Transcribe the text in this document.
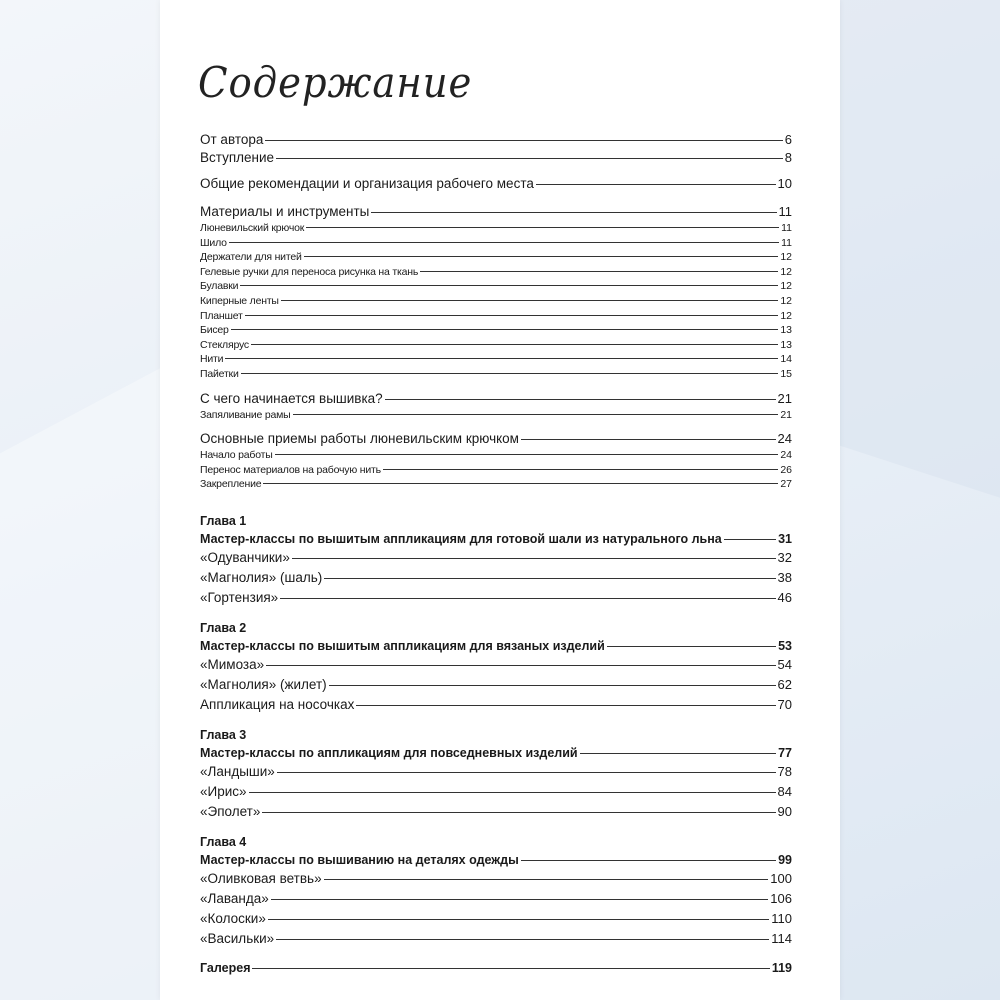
Содержание
От автора	6
Вступление	8
Общие рекомендации и организация рабочего места	10
Материалы и инструменты	11
Люневильский крючок	11
Шило	11
Держатели для нитей	12
Гелевые ручки для переноса рисунка на ткань	12
Булавки	12
Киперные ленты	12
Планшет	12
Бисер	13
Стеклярус	13
Нити	14
Пайетки	15
С чего начинается вышивка?	21
Запяливание рамы	21
Основные приемы работы люневильским крючком	24
Начало работы	24
Перенос материалов на рабочую нить	26
Закрепление	27
Глава 1
Мастер-классы по вышитым аппликациям для готовой шали из натурального льна	31
«Одуванчики»	32
«Магнолия» (шаль)	38
«Гортензия»	46
Глава 2
Мастер-классы по вышитым аппликациям для вязаных изделий	53
«Мимоза»	54
«Магнолия» (жилет)	62
Аппликация на носочках	70
Глава 3
Мастер-классы по аппликациям для повседневных изделий	77
«Ландыши»	78
«Ирис»	84
«Эполет»	90
Глава 4
Мастер-классы по вышиванию на деталях одежды	99
«Оливковая ветвь»	100
«Лаванда»	106
«Колоски»	110
«Васильки»	114
Галерея	119
